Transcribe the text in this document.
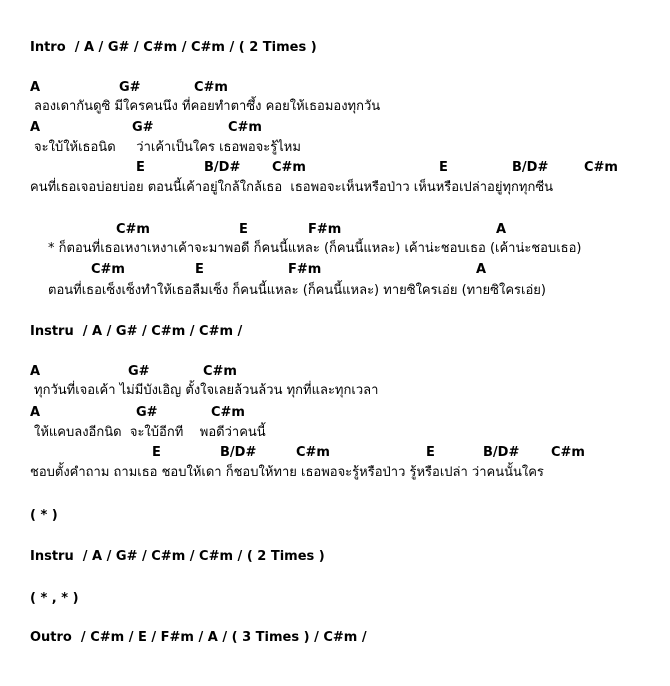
Intro  / A / G# / C#m / C#m / ( 2 Times )
A	G#	C#m
ลองเดากันดูซิ มีใครคนนึง ที่คอยทำตาซึ้ง คอยให้เธอมองทุกวัน
A	G#	C#m
จะใบ้ให้เธอนิด     ว่าเค้าเป็นใคร เธอพอจะรู้ไหม
E	B/D# C#m	E	B/D#	C#m
คนที่เธอเจอบ่อยบ่อย ตอนนี้เค้าอยู่ใกล้ใกล้เธอ  เธอพอจะเห็นหรือป่าว เห็นหรือเปล่าอยู่ทุกทุกซีน
C#m	E	F#m	A
* ก็ตอนที่เธอเหงาเหงาเค้าจะมาพอดี ก็คนนี้แหละ (ก็คนนี้แหละ) เค้าน่ะชอบเธอ (เค้าน่ะชอบเธอ)
C#m	E	F#m	A
ตอนที่เธอเซ็งเซ็งทำให้เธอลืมเซ็ง ก็คนนี้แหละ (ก็คนนี้แหละ) ทายซิใครเอ่ย (ทายซิใครเอ่ย)
Instru  / A / G# / C#m / C#m /
A	G#	C#m
ทุกวันที่เจอเค้า ไม่มีบังเอิญ ตั้งใจเลยล้วนล้วน ทุกที่และทุกเวลา
A	G#	C#m
ให้แคบลงอีกนิด  จะใบ้อีกที    พอดีว่าคนนี้
E	B/D#	C#m	E	B/D# C#m
ชอบตั้งคำถาม ถามเธอ ชอบให้เดา ก็ชอบให้ทาย เธอพอจะรู้หรือป่าว รู้หรือเปล่า ว่าคนนั้นใคร
( * )
Instru  / A / G# / C#m / C#m / ( 2 Times )
( * , * )
Outro  / C#m / E / F#m / A / ( 3 Times ) / C#m /
